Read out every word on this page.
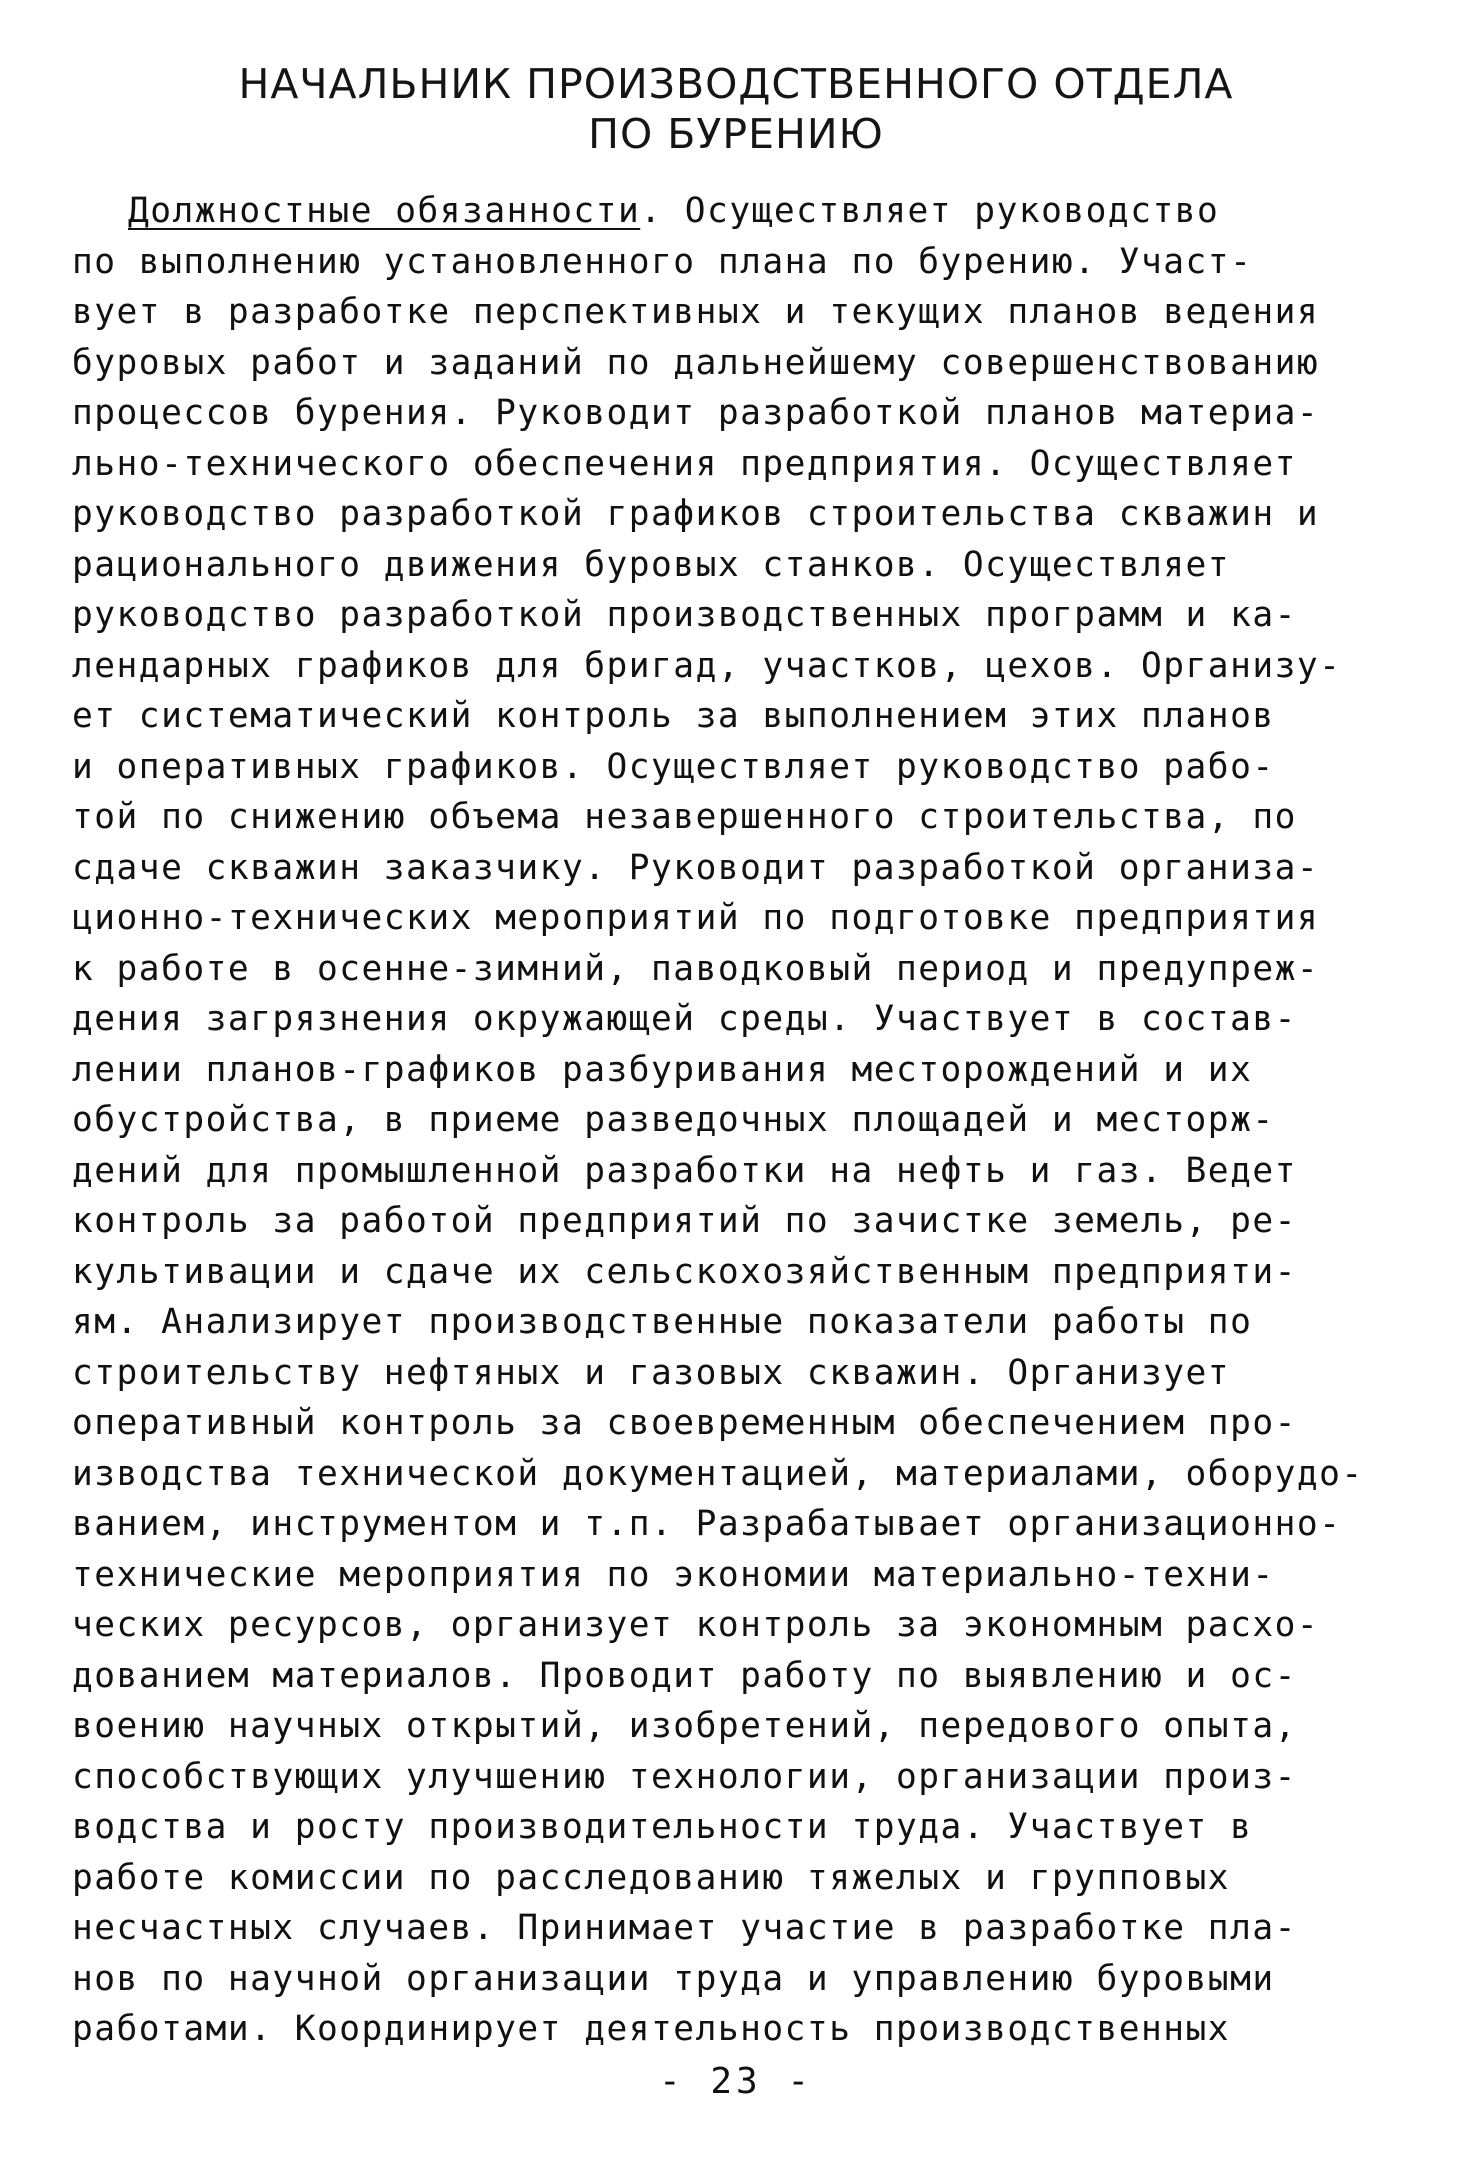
НАЧАЛЬНИК ПРОИЗВОДСТВЕННОГО ОТДЕЛА
ПО БУРЕНИЮ
Должностные обязанности. Осуществляет руководство
по выполнению установленного плана по бурению. Участ-
вует в разработке перспективных и текущих планов ведения
буровых работ и заданий по дальнейшему совершенствованию
процессов бурения. Руководит разработкой планов материа-
льно-технического обеспечения предприятия. Осуществляет
руководство разработкой графиков строительства скважин и
рационального движения буровых станков. Осуществляет
руководство разработкой производственных программ и ка-
лендарных графиков для бригад, участков, цехов. Организу-
ет систематический контроль за выполнением этих планов
и оперативных графиков. Осуществляет руководство рабо-
той по снижению объема незавершенного строительства, по
сдаче скважин заказчику. Руководит разработкой организа-
ционно-технических мероприятий по подготовке предприятия
к работе в осенне-зимний, паводковый период и предупреж-
дения загрязнения окружающей среды. Участвует в состав-
лении планов-графиков разбуривания месторождений и их
обустройства, в приеме разведочных площадей и месторж-
дений для промышленной разработки на нефть и газ. Ведет
контроль за работой предприятий по зачистке земель, ре-
культивации и сдаче их сельскохозяйственным предприяти-
ям. Анализирует производственные показатели работы по
строительству нефтяных и газовых скважин. Организует
оперативный контроль за своевременным обеспечением про-
изводства технической документацией, материалами, оборудо-
ванием, инструментом и т.п. Разрабатывает организационно-
технические мероприятия по экономии материально-техни-
ческих ресурсов, организует контроль за экономным расхо-
дованием материалов. Проводит работу по выявлению и ос-
воению научных открытий, изобретений, передового опыта,
способствующих улучшению технологии, организации произ-
водства и росту производительности труда. Участвует в
работе комиссии по расследованию тяжелых и групповых
несчастных случаев. Принимает участие в разработке пла-
нов по научной организации труда и управлению буровыми
работами. Координирует деятельность производственных
- 23 -
